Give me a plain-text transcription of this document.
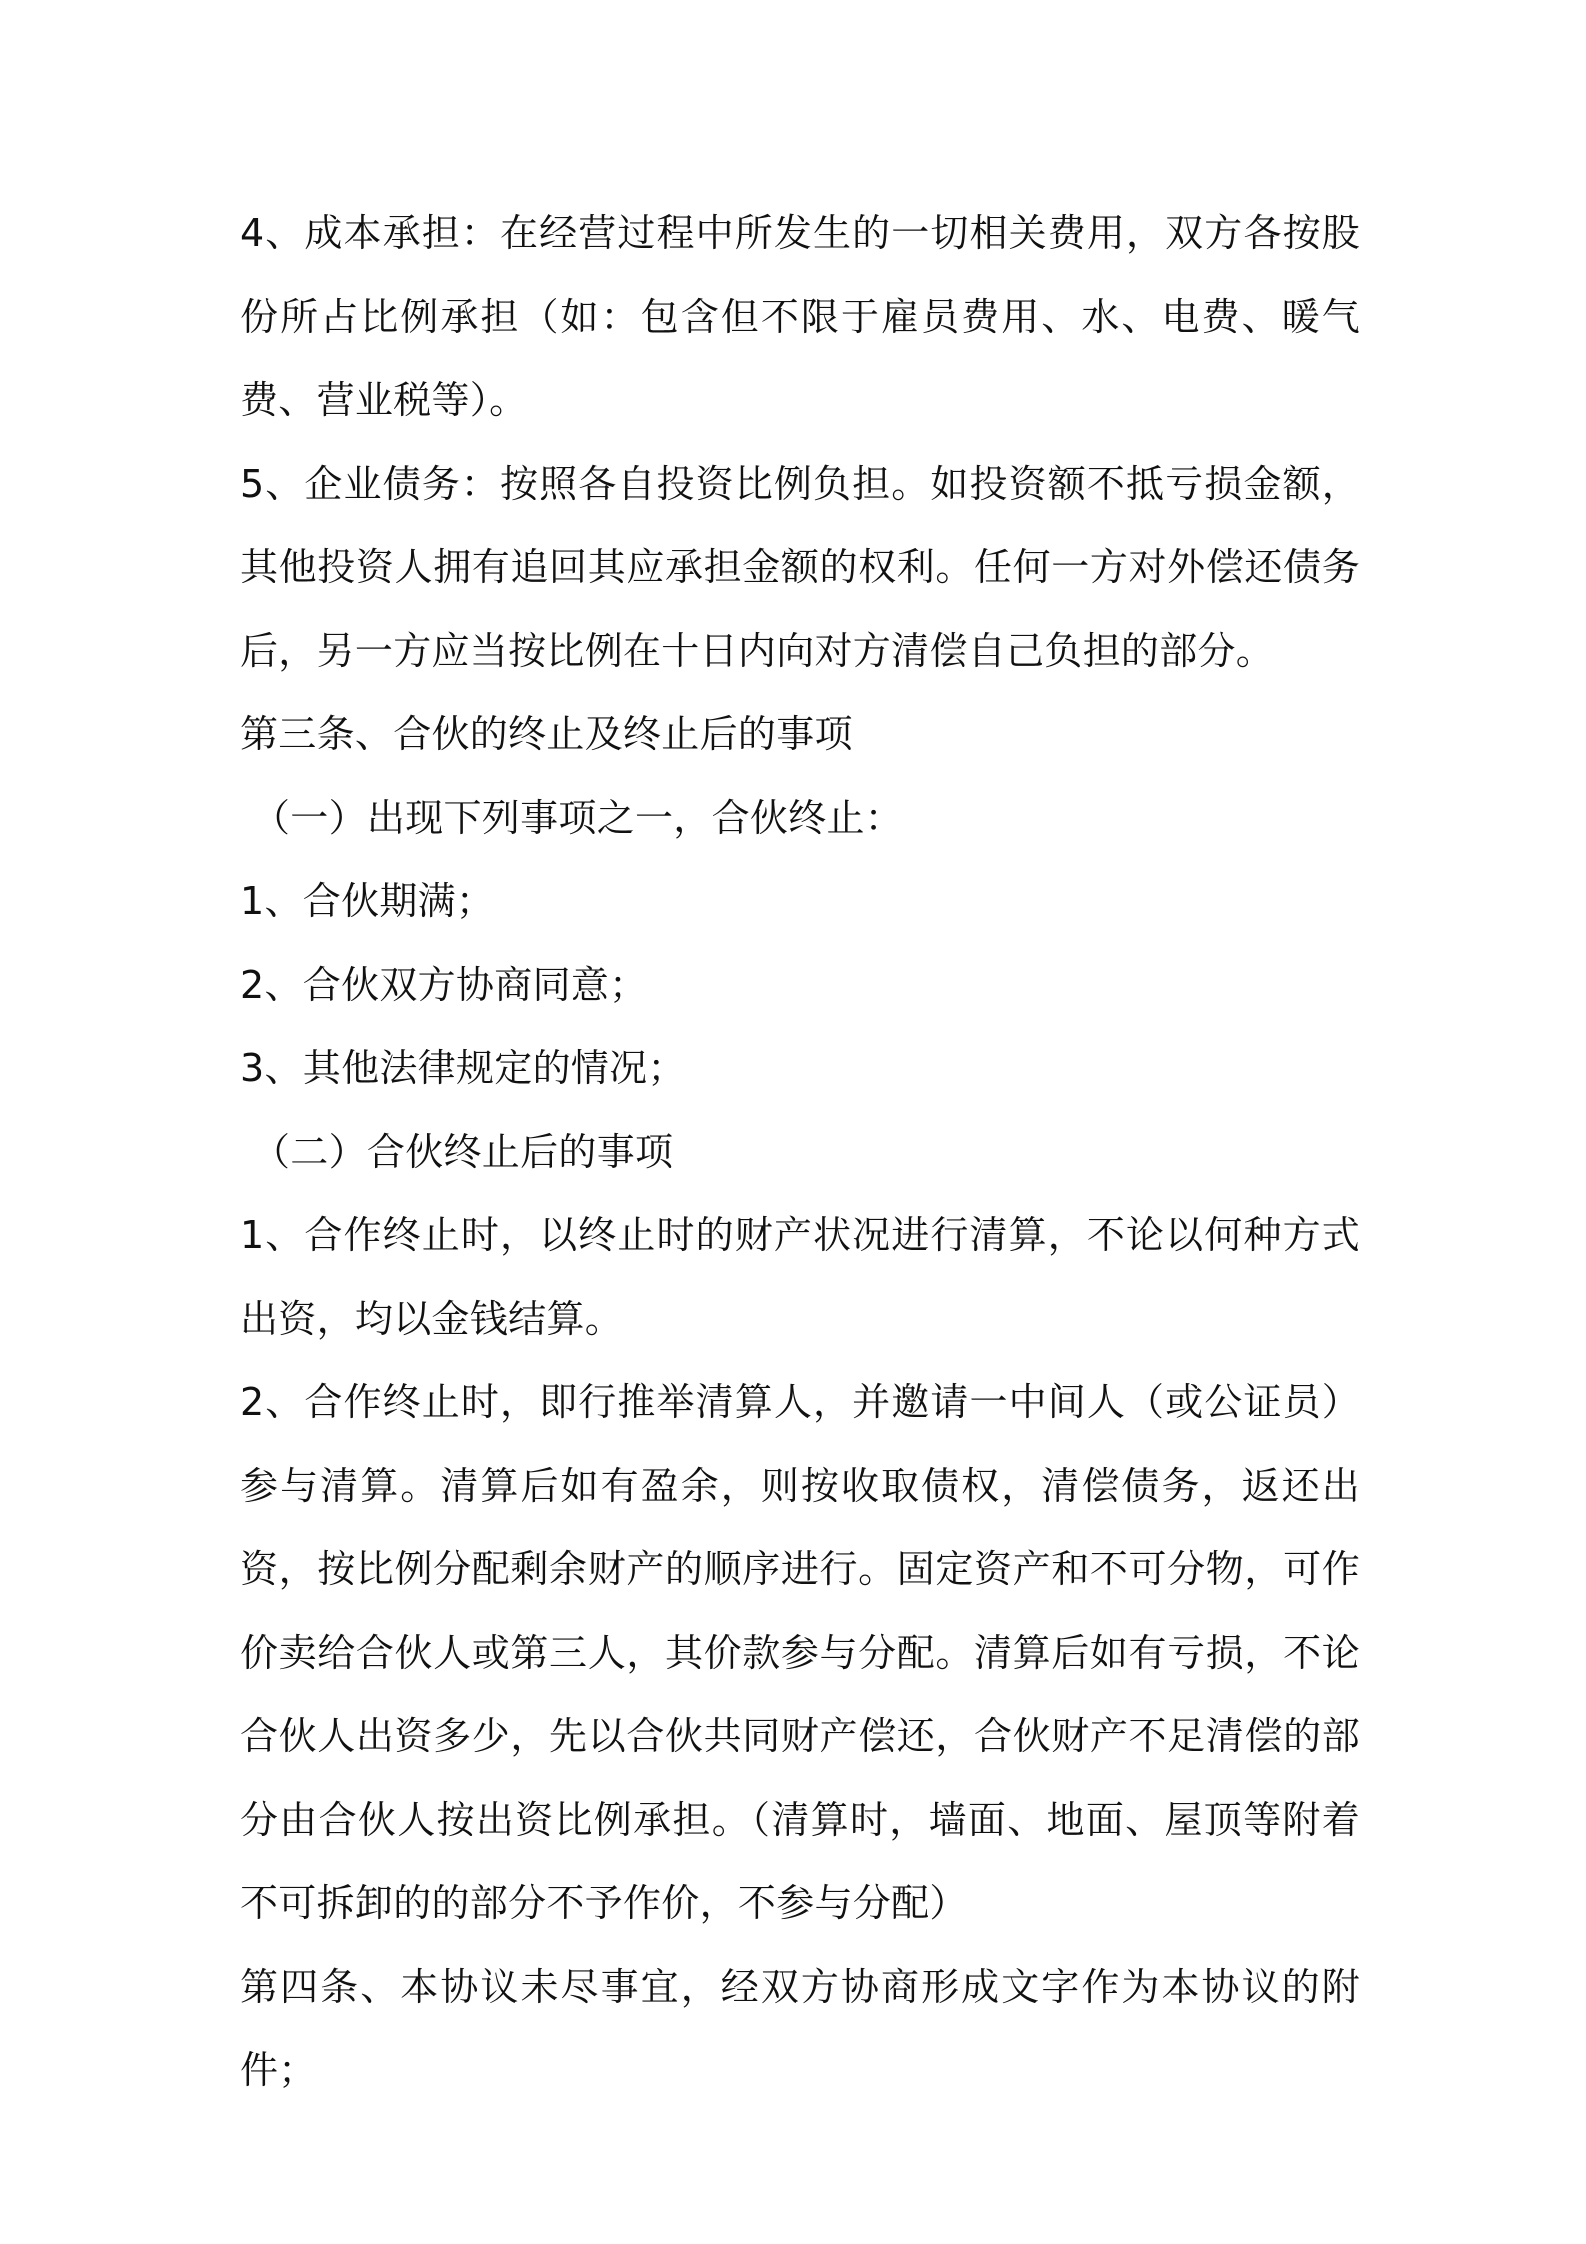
4、成本承担：在经营过程中所发生的一切相关费用，双方各按股份所占比例承担（如：包含但不限于雇员费用、水、电费、暖气费、营业税等）。

5、企业债务：按照各自投资比例负担。如投资额不抵亏损金额，其他投资人拥有追回其应承担金额的权利。任何一方对外偿还债务后，另一方应当按比例在十日内向对方清偿自己负担的部分。

第三条、合伙的终止及终止后的事项

（一）出现下列事项之一，合伙终止：

1、合伙期满；

2、合伙双方协商同意；

3、其他法律规定的情况；

（二）合伙终止后的事项

1、合作终止时，以终止时的财产状况进行清算，不论以何种方式出资，均以金钱结算。

2、合作终止时，即行推举清算人，并邀请一中间人（或公证员）参与清算。清算后如有盈余，则按收取债权，清偿债务，返还出资，按比例分配剩余财产的顺序进行。固定资产和不可分物，可作价卖给合伙人或第三人，其价款参与分配。清算后如有亏损，不论合伙人出资多少，先以合伙共同财产偿还，合伙财产不足清偿的部分由合伙人按出资比例承担。（清算时，墙面、地面、屋顶等附着不可拆卸的的部分不予作价，不参与分配）

第四条、本协议未尽事宜，经双方协商形成文字作为本协议的附件；
